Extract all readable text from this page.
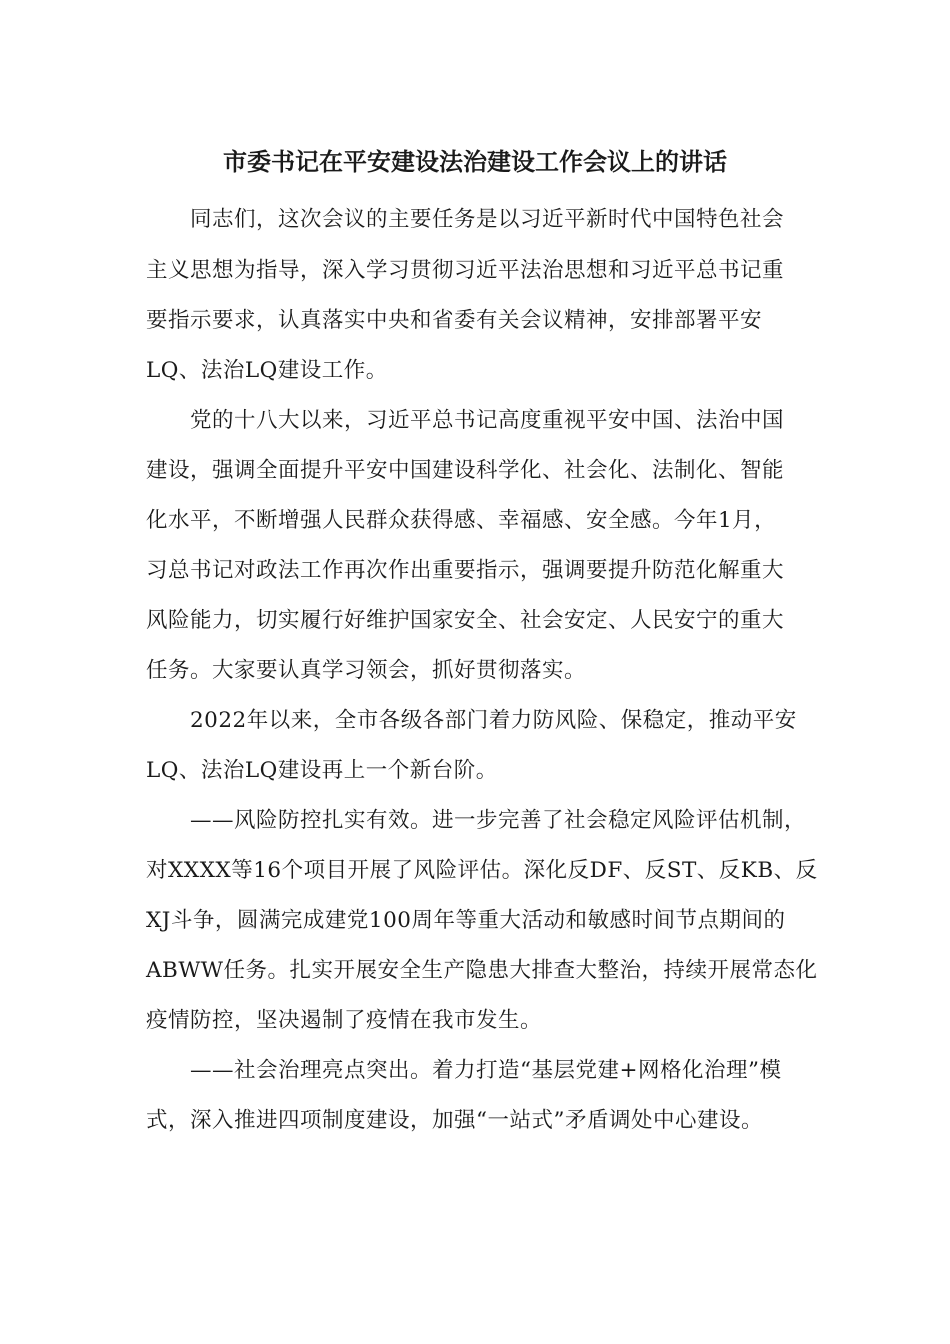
市委书记在平安建设法治建设工作会议上的讲话
　　同志们，这次会议的主要任务是以习近平新时代中国特色社会
主义思想为指导，深入学习贯彻习近平法治思想和习近平总书记重
要指示要求，认真落实中央和省委有关会议精神，安排部署平安
LQ、法治LQ建设工作。
　　党的十八大以来，习近平总书记高度重视平安中国、法治中国
建设，强调全面提升平安中国建设科学化、社会化、法制化、智能
化水平，不断增强人民群众获得感、幸福感、安全感。今年1月，
习总书记对政法工作再次作出重要指示，强调要提升防范化解重大
风险能力，切实履行好维护国家安全、社会安定、人民安宁的重大
任务。大家要认真学习领会，抓好贯彻落实。
　　2022年以来，全市各级各部门着力防风险、保稳定，推动平安
LQ、法治LQ建设再上一个新台阶。
　　——风险防控扎实有效。进一步完善了社会稳定风险评估机制，
对XXXX等16个项目开展了风险评估。深化反DF、反ST、反KB、反
XJ斗争，圆满完成建党100周年等重大活动和敏感时间节点期间的
ABWW任务。扎实开展安全生产隐患大排查大整治，持续开展常态化
疫情防控，坚决遏制了疫情在我市发生。
　　——社会治理亮点突出。着力打造“基层党建+网格化治理”模
式，深入推进四项制度建设，加强“一站式”矛盾调处中心建设。
